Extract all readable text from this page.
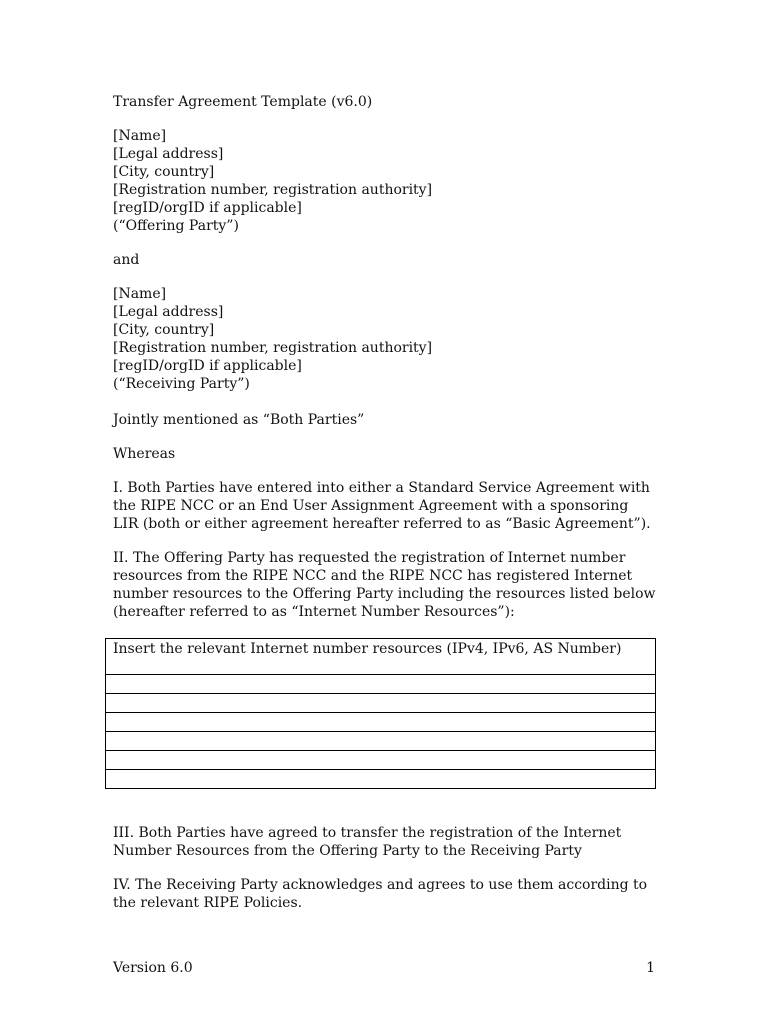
Transfer Agreement Template (v6.0)
[Name]
[Legal address]
[City, country]
[Registration number, registration authority]
[regID/orgID if applicable]
(“Offering Party”)
and
[Name]
[Legal address]
[City, country]
[Registration number, registration authority]
[regID/orgID if applicable]
(“Receiving Party”)
Jointly mentioned as “Both Parties”
Whereas

I. Both Parties have entered into either a Standard Service Agreement with the RIPE NCC or an End User Assignment Agreement with a sponsoring LIR (both or either agreement hereafter referred to as “Basic Agreement”).

II. The Offering Party has requested the registration of Internet number resources from the RIPE NCC and the RIPE NCC has registered Internet number resources to the Offering Party including the resources listed below (hereafter referred to as “Internet Number Resources”):

Insert the relevant Internet number resources (IPv4, IPv6, AS Number)

III. Both Parties have agreed to transfer the registration of the Internet Number Resources from the Offering Party to the Receiving Party

IV. The Receiving Party acknowledges and agrees to use them according to the relevant RIPE Policies.

Version 6.0	1
